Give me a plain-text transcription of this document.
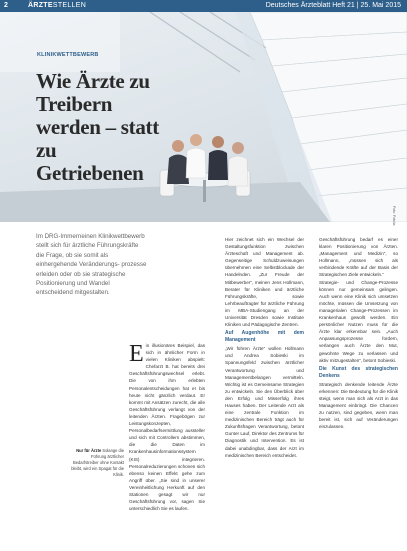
2	ÄRZTESTELLEN	Deutsches Ärzteblatt Heft 21 | 25. Mai 2015
KLINIKWETTBEWERB
Wie Ärzte zu Treibern werden – statt zu Getriebenen
Foto: Fotolia

Im DRG-Immerneinen Klinikwettbewerb stellt sich für ärztliche Führungskräfte die Frage, ob sie somit als einhergehende Veränderungs- prozesse erleiden oder ob sie strategische Positionierung und Wandel entscheidend mitgestalten.

Nur für Ärzte Solange die Führung ärztlicher Bedarfstreiber ohne Kontakt bleibt, wird ein Spagat für die Klinik.

E in illusionäres Beispiel, das sich in ähnlicher Form in vielen Kliniken abspielt: Chefarzt B. hat bereits drei Geschäftsführungswechsel erlebt. Die von ihm erlebten Personalentscheidungen hat er bis heute nicht gänzlich verdaut. Er kommt mit Ansätzen zurecht, die alle Geschäftsführung verlangt von der leitenden Ärzten. Fragebögen zur Leistungskonzepten, Personalbedarfsermittlung aussteller und sich mit Controllern abstimmen, die die Daten im Krankenhausinformationssystem (KIS) integrieren. Personalreduzierungen schonen sich ebenso keinen Effekt gehe zum Angriff über. „Sie sind in unserer Vereinheitlichung Herkunft auf den Stationen gesagt wir nur Geschäftsführung vor, sagen Sie unterschiedlich Sie es laufen.

Hier zeichnet sich ein Wechsel der Gestaltungsfunktion zwischen Ärzteschaft und Management ab. Gegenseitige Schuldzuweisungen übernehmen eine Selbstblockade der Handelnden. „Zur Freude der Mitbewerber“, meinen Jens Hollmann, Berater für Kliniken und ärztliche Führungskräfte, sowie Lehrbeauftragter für ärztliche Führung im MBA-Studiengang an der Universität Dresden sowie Institute Kliniken und Pädagogische Zentren.

Auf Augenhöhe mit dem Management

„Wir führen Ärzte“ wollen Hollmann und Andrea Sobieski im Spannungsfeld zwischen ärztlicher Verantwortung und Managementbelangen vermitteln. Wichtig ist es Gemeinsame Strategien zu entwickeln. Sie den Überblick über den Erfolg und Misserfolg ihres Hauses haben. Der Leitende Arzt als eine zentrale Funktion im medizinischen Bereich trägt auch für Zukunftsfragen Verantwortung, betont Gunter Lauf, Direktor des Zentrums für Diagnostik und Intervention. Es ist dabei unabdingbar, dass der Arzt im medizinischen Bereich entscheidet.

Geschäftsführung bedarf es einer klaren Positionierung von Ärzten. „Management und Medizin“, so Hollmann, „müssen sich als verbindende Kräfte auf der Basis der Strategischen Ziele entwickeln.“

Strategie- und Change-Prozesse können nur gemeinsam gelingen. Auch wenn eine Klinik sich umsetzen möchte, müssen die Umsetzung von managerialen Change-Prozessen im Krankenhaus gewollt werden. Ein persönlicher Nutzen muss für die Ärzte klar erkennbar sein. „Auch Anpassungsprozesse fordern, verlangen auch Ärzte den Mut, gewohnte Wege zu verlassen und aktiv mitzugestalten“, betont Sobieski.

Die Kunst des strategischen Denkens

Strategisch denkende leitende Ärzte erkennen: Die Bedeutung für die Klinik steigt, wenn man sich als Arzt in das Management einbringt. Die Chancen zu nutzen, sind gegeben, wenn man bereit ist, sich auf Veränderungen einzulassen.
